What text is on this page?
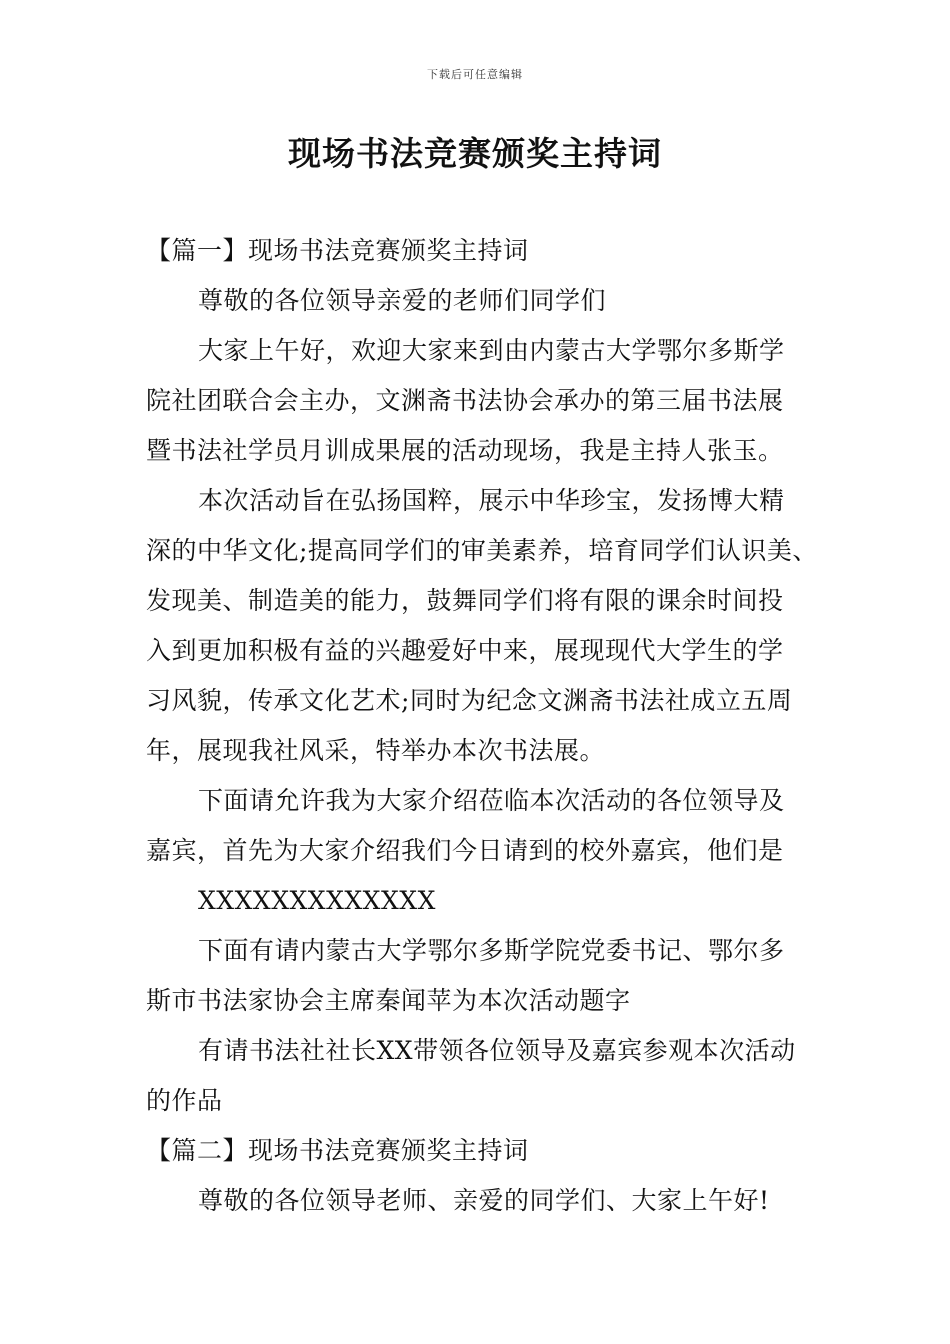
下载后可任意编辑
现场书法竞赛颁奖主持词
【篇一】现场书法竞赛颁奖主持词
尊敬的各位领导亲爱的老师们同学们
大家上午好，欢迎大家来到由内蒙古大学鄂尔多斯学
院社团联合会主办，文渊斋书法协会承办的第三届书法展
暨书法社学员月训成果展的活动现场，我是主持人张玉。
本次活动旨在弘扬国粹，展示中华珍宝，发扬博大精
深的中华文化;提高同学们的审美素养，培育同学们认识美、
发现美、制造美的能力，鼓舞同学们将有限的课余时间投
入到更加积极有益的兴趣爱好中来，展现现代大学生的学
习风貌，传承文化艺术;同时为纪念文渊斋书法社成立五周
年，展现我社风采，特举办本次书法展。
下面请允许我为大家介绍莅临本次活动的各位领导及
嘉宾，首先为大家介绍我们今日请到的校外嘉宾，他们是
XXXXXXXXXXXXX
下面有请内蒙古大学鄂尔多斯学院党委书记、鄂尔多
斯市书法家协会主席秦闻苹为本次活动题字
有请书法社社长XX带领各位领导及嘉宾参观本次活动
的作品
【篇二】现场书法竞赛颁奖主持词
尊敬的各位领导老师、亲爱的同学们、大家上午好!
